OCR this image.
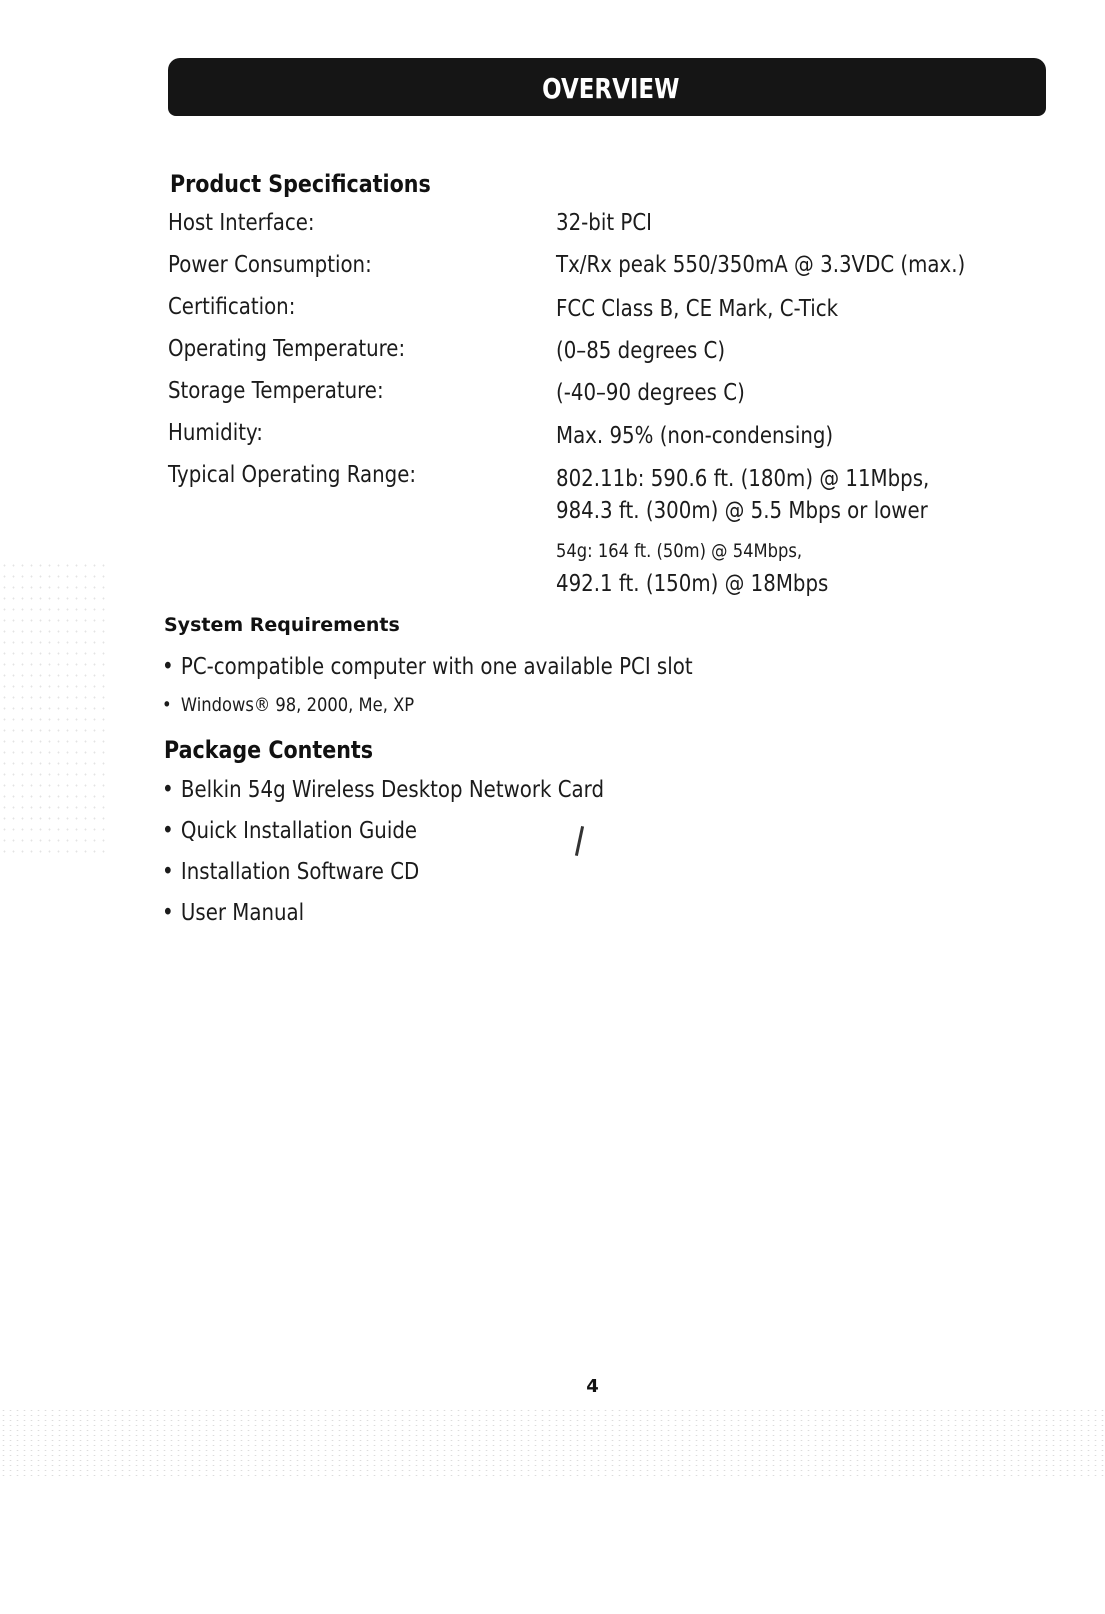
OVERVIEW
Product Specifications
Host Interface:	32-bit PCI
Power Consumption:	Tx/Rx peak 550/350mA @ 3.3VDC (max.)
Certification:	FCC Class B, CE Mark, C-Tick
Operating Temperature:	(0–85 degrees C)
Storage Temperature:	(-40–90 degrees C)
Humidity:	Max. 95% (non-condensing)
Typical Operating Range:	802.11b: 590.6 ft. (180m) @ 11Mbps,
984.3 ft. (300m) @ 5.5 Mbps or lower
54g: 164 ft. (50m) @ 54Mbps,
492.1 ft. (150m) @ 18Mbps
System Requirements
• PC-compatible computer with one available PCI slot
• Windows® 98, 2000, Me, XP
Package Contents
• Belkin 54g Wireless Desktop Network Card
• Quick Installation Guide
• Installation Software CD
• User Manual
4
